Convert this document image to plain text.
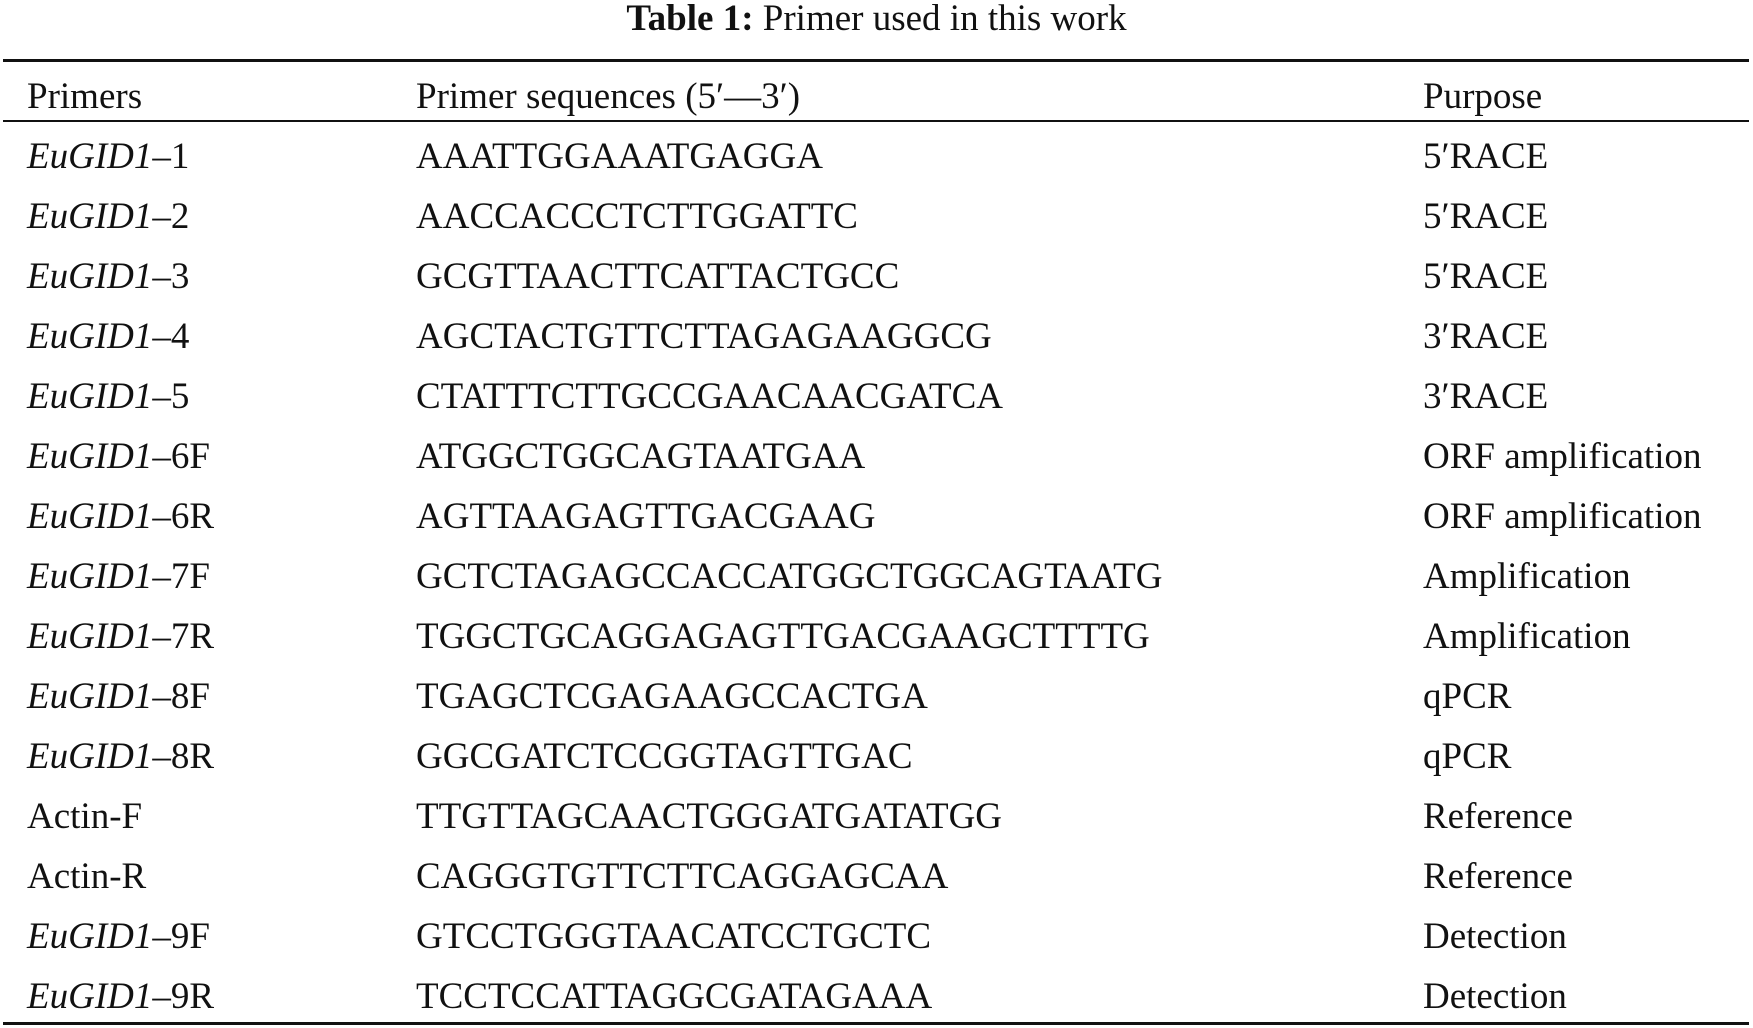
Table 1: Primer used in this work
Primers	Primer sequences (5′—3′)	Purpose
EuGID1–1	AAATTGGAAATGAGGA	5′RACE
EuGID1–2	AACCACCCTCTTGGATTC	5′RACE
EuGID1–3	GCGTTAACTTCATTACTGCC	5′RACE
EuGID1–4	AGCTACTGTTCTTAGAGAAGGCG	3′RACE
EuGID1–5	CTATTTCTTGCCGAACAACGATCA	3′RACE
EuGID1–6F	ATGGCTGGCAGTAATGAA	ORF amplification
EuGID1–6R	AGTTAAGAGTTGACGAAG	ORF amplification
EuGID1–7F	GCTCTAGAGCCACCATGGCTGGCAGTAATG	Amplification
EuGID1–7R	TGGCTGCAGGAGAGTTGACGAAGCTTTTG	Amplification
EuGID1–8F	TGAGCTCGAGAAGCCACTGA	qPCR
EuGID1–8R	GGCGATCTCCGGTAGTTGAC	qPCR
Actin-F	TTGTTAGCAACTGGGATGATATGG	Reference
Actin-R	CAGGGTGTTCTTCAGGAGCAA	Reference
EuGID1–9F	GTCCTGGGTAACATCCTGCTC	Detection
EuGID1–9R	TCCTCCATTAGGCGATAGAAA	Detection
